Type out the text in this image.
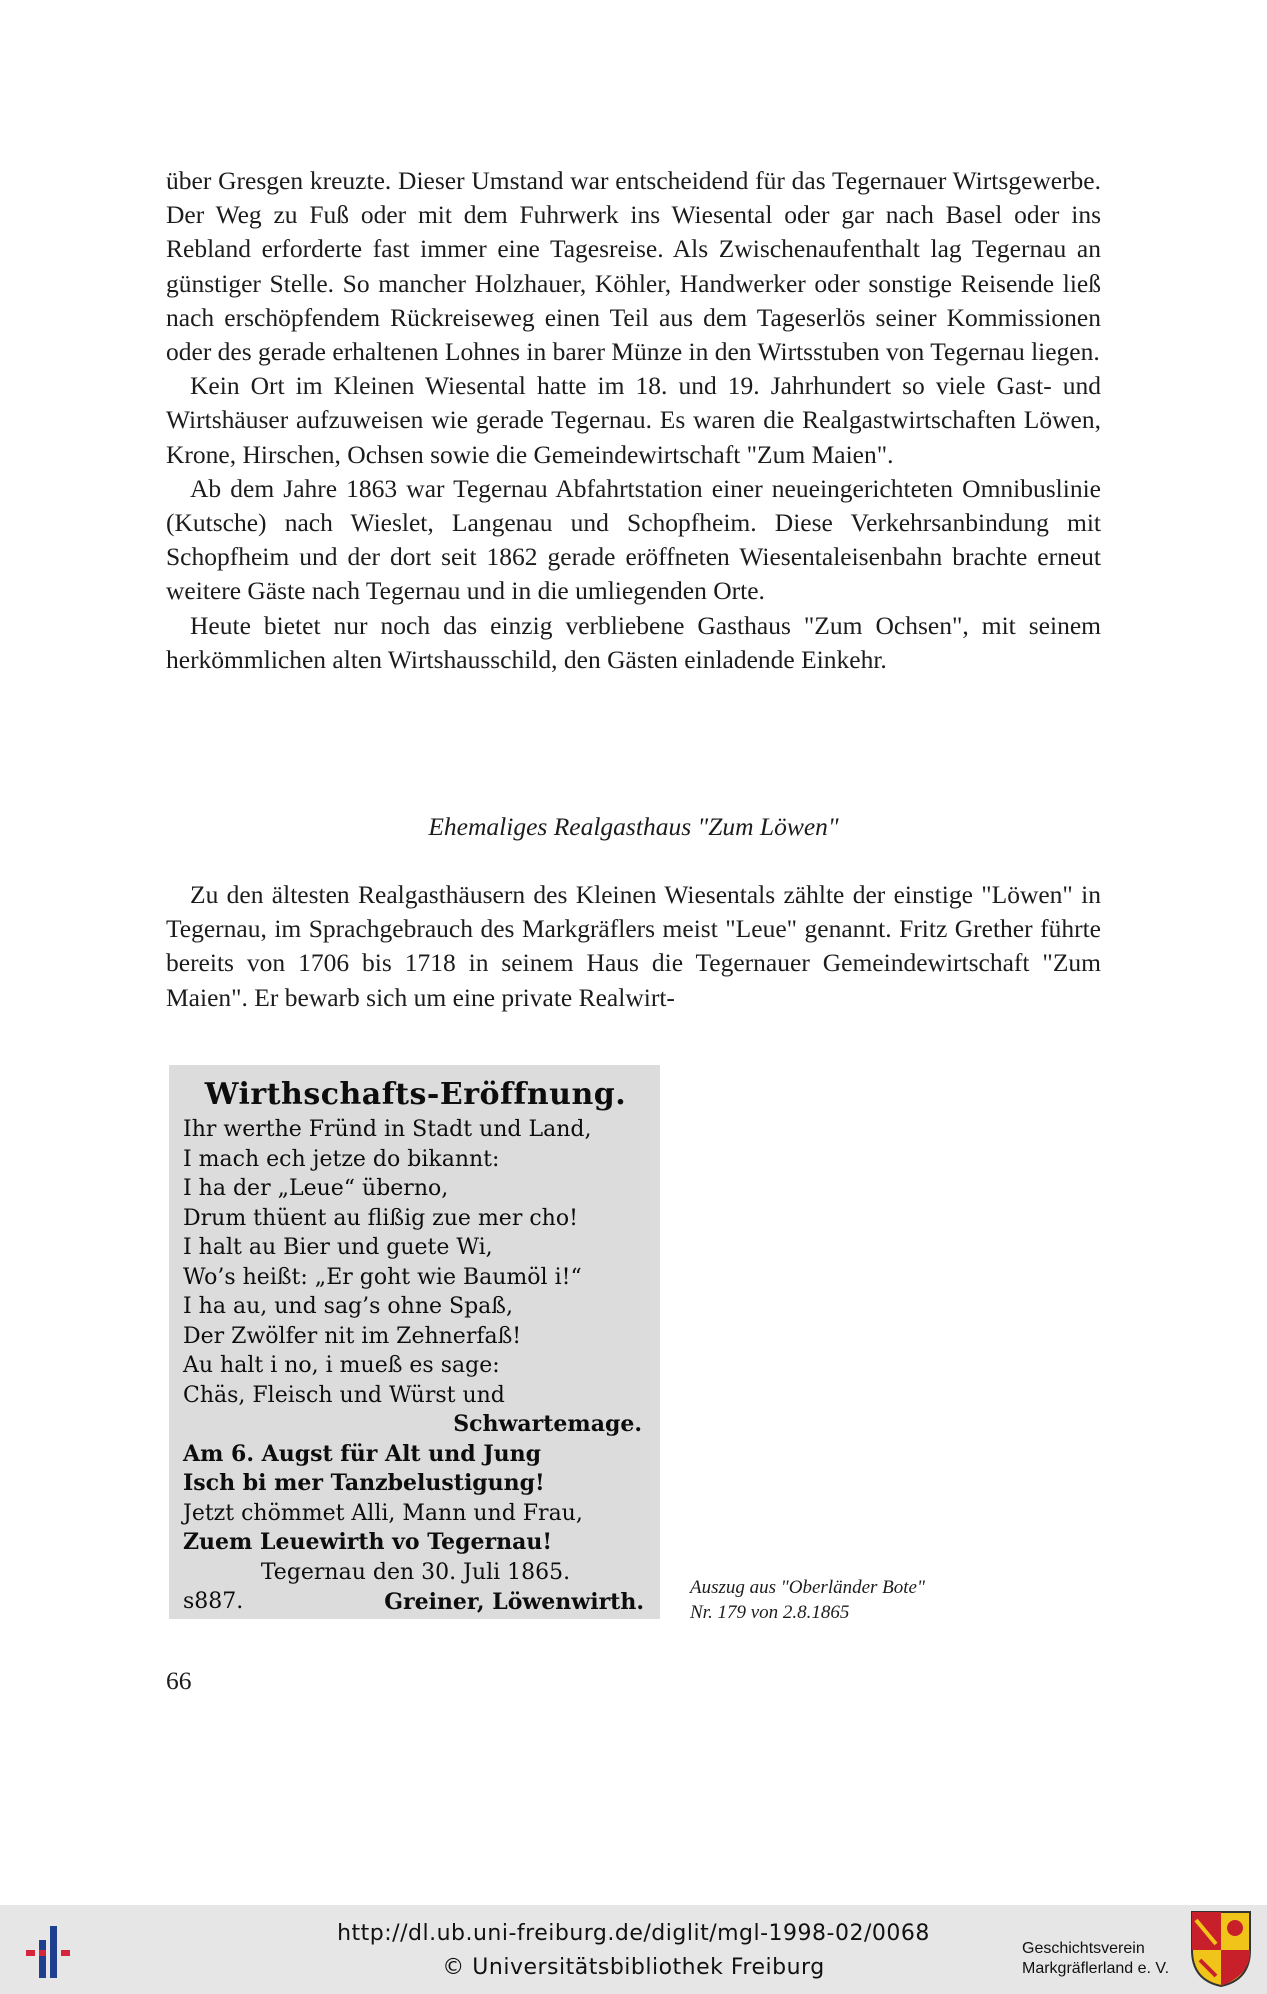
über Gresgen kreuzte. Dieser Umstand war entscheidend für das Tegernauer Wirtsgewerbe. Der Weg zu Fuß oder mit dem Fuhrwerk ins Wiesental oder gar nach Basel oder ins Rebland erforderte fast immer eine Tagesreise. Als Zwischenaufenthalt lag Tegernau an günstiger Stelle. So mancher Holzhauer, Köhler, Handwerker oder sonstige Reisende ließ nach erschöpfendem Rückreiseweg einen Teil aus dem Tageserlös seiner Kommissionen oder des gerade erhaltenen Lohnes in barer Münze in den Wirtsstuben von Tegernau liegen.

Kein Ort im Kleinen Wiesental hatte im 18. und 19. Jahrhundert so viele Gast- und Wirtshäuser aufzuweisen wie gerade Tegernau. Es waren die Realgastwirtschaften Löwen, Krone, Hirschen, Ochsen sowie die Gemeindewirtschaft "Zum Maien".

Ab dem Jahre 1863 war Tegernau Abfahrtstation einer neueingerichteten Omnibuslinie (Kutsche) nach Wieslet, Langenau und Schopfheim. Diese Verkehrsanbindung mit Schopfheim und der dort seit 1862 gerade eröffneten Wiesentaleisenbahn brachte erneut weitere Gäste nach Tegernau und in die umliegenden Orte.

Heute bietet nur noch das einzig verbliebene Gasthaus "Zum Ochsen", mit seinem herkömmlichen alten Wirtshausschild, den Gästen einladende Einkehr.

Ehemaliges Realgasthaus "Zum Löwen"

Zu den ältesten Realgasthäusern des Kleinen Wiesentals zählte der einstige "Löwen" in Tegernau, im Sprachgebrauch des Markgräflers meist "Leue" genannt. Fritz Grether führte bereits von 1706 bis 1718 in seinem Haus die Tegernauer Gemeindewirtschaft "Zum Maien". Er bewarb sich um eine private Realwirt-

Wirthschafts-Eröffnung.
Ihr werthe Fründ in Stadt und Land,
I mach ech jetze do bikannt:
I ha der „Leue“ überno,
Drum thüent au flißig zue mer cho!
I halt au Bier und guete Wi,
Wo’s heißt: „Er goht wie Baumöl i!“
I ha au, und sag’s ohne Spaß,
Der Zwölfer nit im Zehnerfaß!
Au halt i no, i mueß es sage:
Chäs, Fleisch und Würst und
Schwartemage.
Am 6. Augst für Alt und Jung
Isch bi mer Tanzbelustigung!
Jetzt chömmet Alli, Mann und Frau,
Zuem Leuewirth vo Tegernau!
Tegernau den 30. Juli 1865.
s887.	Greiner, Löwenwirth.
Auszug aus "Oberländer Bote"
Nr. 179 von 2.8.1865
66
http://dl.ub.uni-freiburg.de/diglit/mgl-1998-02/0068
© Universitätsbibliothek Freiburg
Geschichtsverein
Markgräflerland e. V.
